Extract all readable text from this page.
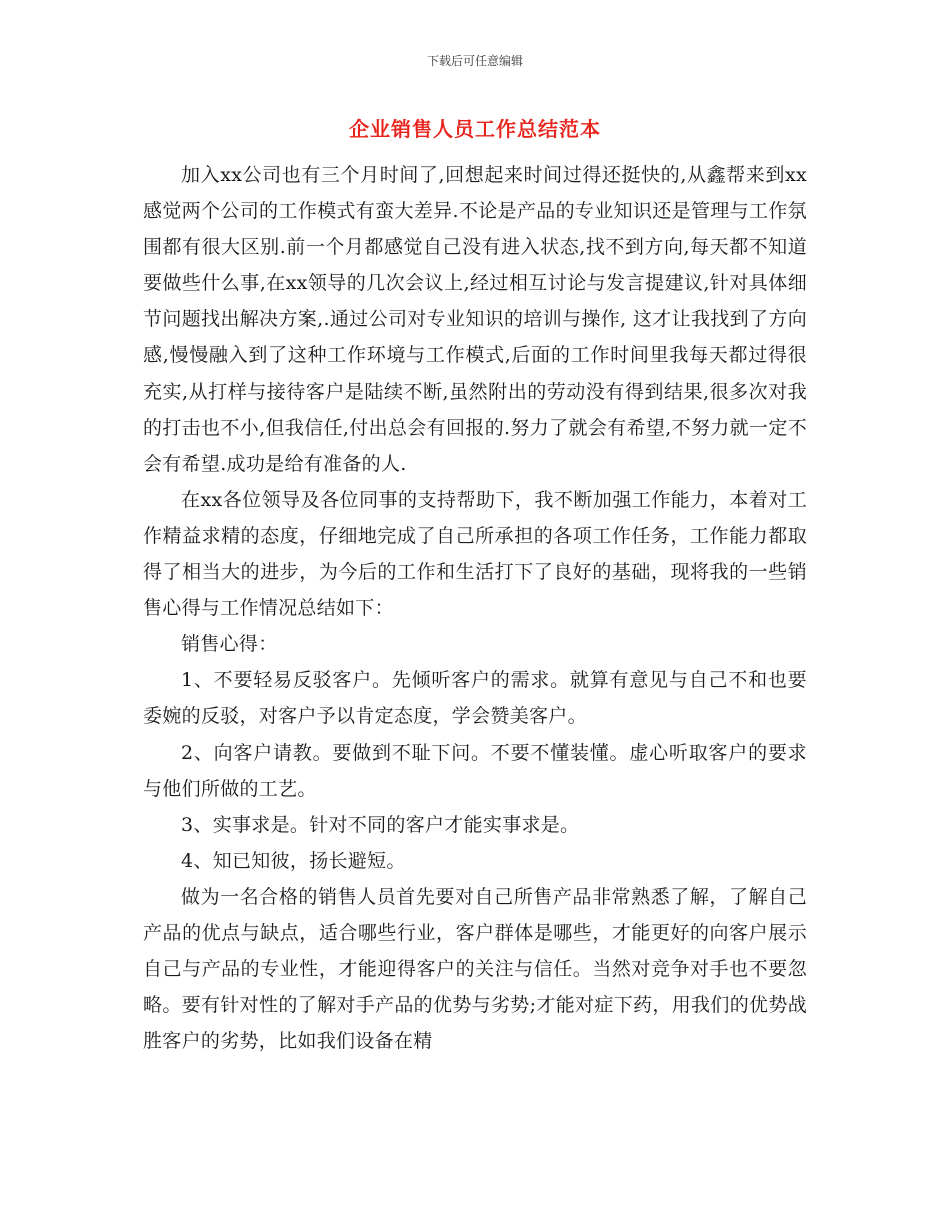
下载后可任意编辑
企业销售人员工作总结范本

加入xx公司也有三个月时间了,回想起来时间过得还挺快的,从鑫帮来到xx感觉两个公司的工作模式有蛮大差异.不论是产品的专业知识还是管理与工作氛围都有很大区别.前一个月都感觉自己没有进入状态,找不到方向,每天都不知道要做些什么事,在xx领导的几次会议上,经过相互讨论与发言提建议,针对具体细节问题找出解决方案,.通过公司对专业知识的培训与操作, 这才让我找到了方向感,慢慢融入到了这种工作环境与工作模式,后面的工作时间里我每天都过得很充实,从打样与接待客户是陆续不断,虽然附出的劳动没有得到结果,很多次对我的打击也不小,但我信任,付出总会有回报的.努力了就会有希望,不努力就一定不会有希望.成功是给有准备的人.

在xx各位领导及各位同事的支持帮助下，我不断加强工作能力，本着对工作精益求精的态度，仔细地完成了自己所承担的各项工作任务，工作能力都取得了相当大的进步，为今后的工作和生活打下了良好的基础，现将我的一些销售心得与工作情况总结如下：

销售心得：

1、不要轻易反驳客户。先倾听客户的需求。就算有意见与自己不和也要委婉的反驳，对客户予以肯定态度，学会赞美客户。

2、向客户请教。要做到不耻下问。不要不懂装懂。虚心听取客户的要求与他们所做的工艺。

3、实事求是。针对不同的客户才能实事求是。

4、知已知彼，扬长避短。

做为一名合格的销售人员首先要对自己所售产品非常熟悉了解，了解自己产品的优点与缺点，适合哪些行业，客户群体是哪些，才能更好的向客户展示自己与产品的专业性，才能迎得客户的关注与信任。当然对竞争对手也不要忽略。要有针对性的了解对手产品的优势与劣势;才能对症下药，用我们的优势战胜客户的劣势，比如我们设备在精
